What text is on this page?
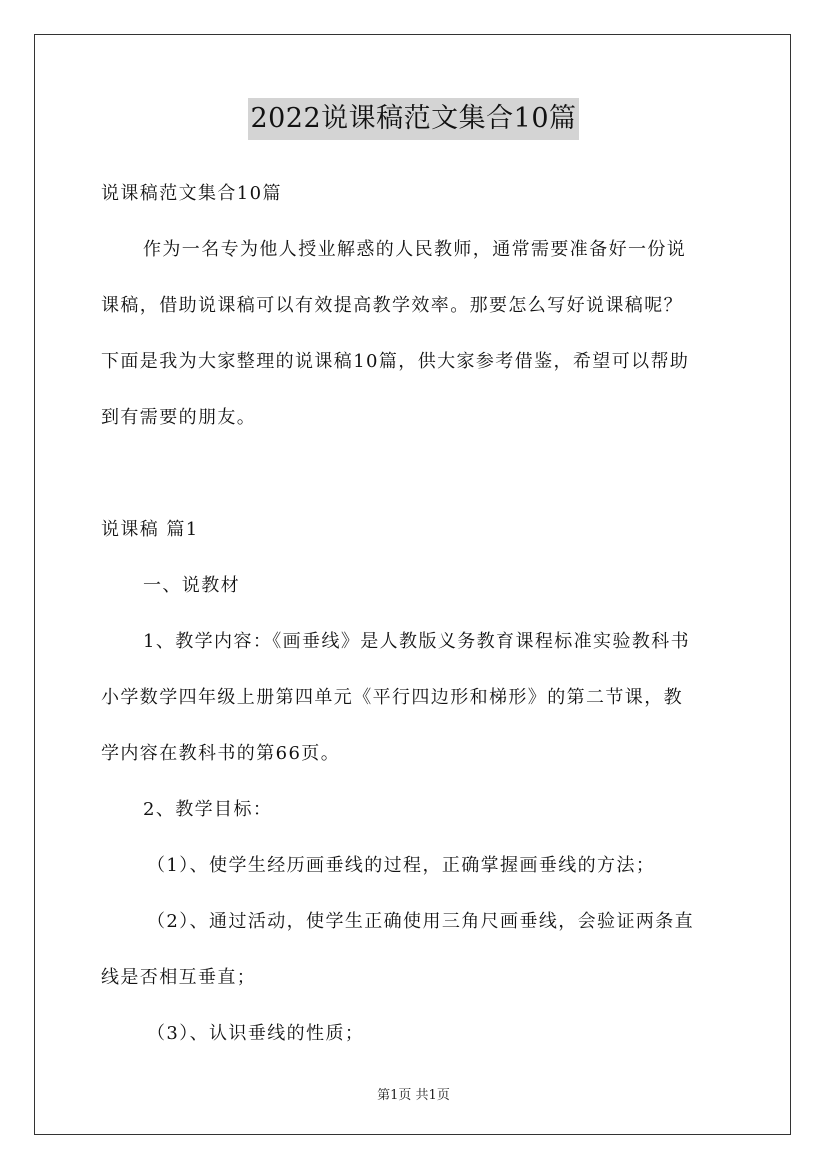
2022说课稿范文集合10篇

说课稿范文集合10篇

作为一名专为他人授业解惑的人民教师，通常需要准备好一份说

课稿，借助说课稿可以有效提高教学效率。那要怎么写好说课稿呢？

下面是我为大家整理的说课稿10篇，供大家参考借鉴，希望可以帮助

到有需要的朋友。

说课稿 篇1

一、说教材

1、教学内容：《画垂线》是人教版义务教育课程标准实验教科书

小学数学四年级上册第四单元《平行四边形和梯形》的第二节课，教

学内容在教科书的第66页。

2、教学目标：

（1）、使学生经历画垂线的过程，正确掌握画垂线的方法；

（2）、通过活动，使学生正确使用三角尺画垂线，会验证两条直

线是否相互垂直；

（3）、认识垂线的性质；

第1页 共1页
